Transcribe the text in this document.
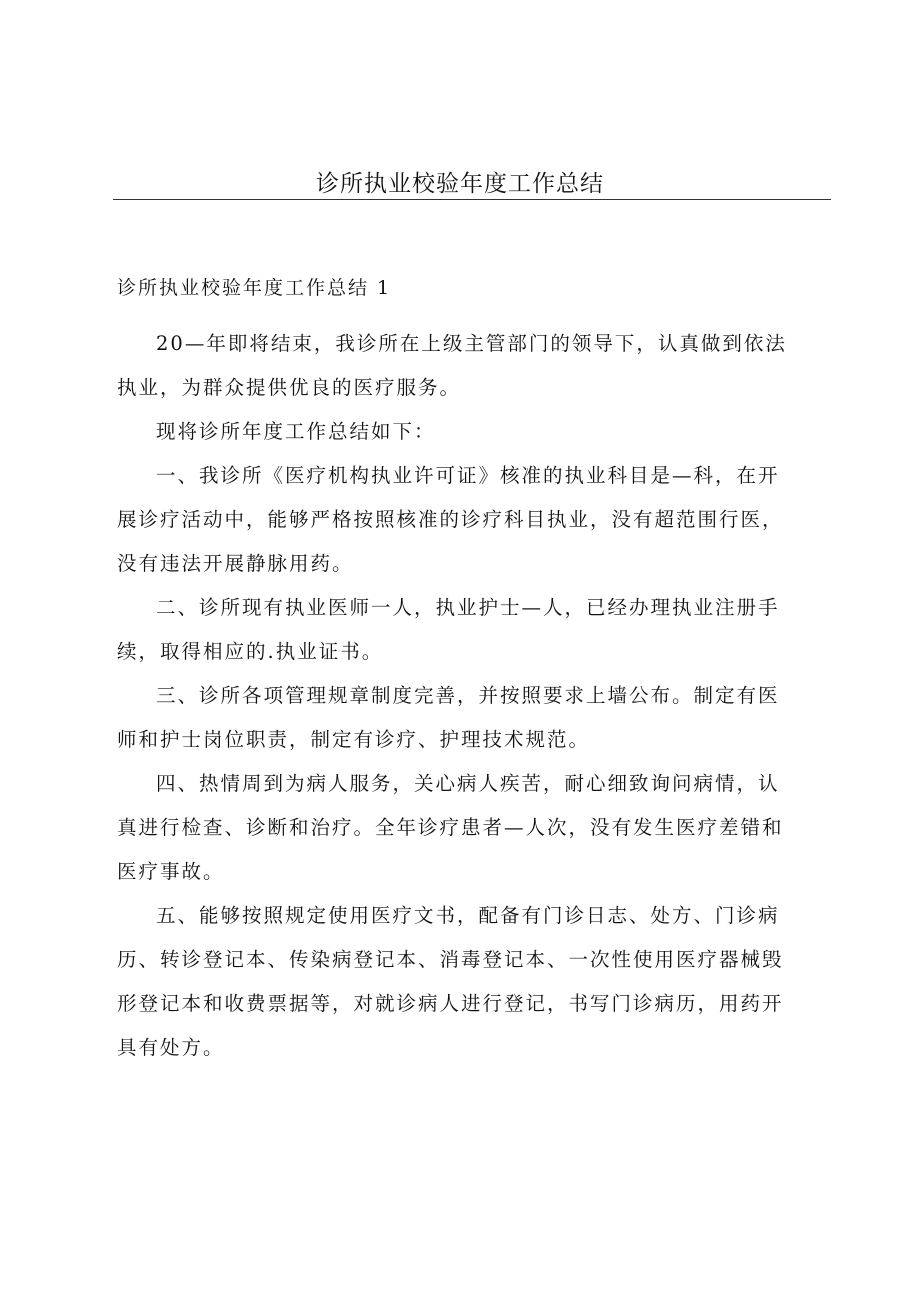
诊所执业校验年度工作总结
诊所执业校验年度工作总结 1

20—年即将结束，我诊所在上级主管部门的领导下，认真做到依法
执业，为群众提供优良的医疗服务。

现将诊所年度工作总结如下：

一、我诊所《医疗机构执业许可证》核准的执业科目是—科，在开
展诊疗活动中，能够严格按照核准的诊疗科目执业，没有超范围行医，
没有违法开展静脉用药。

二、诊所现有执业医师一人，执业护士—人，已经办理执业注册手
续，取得相应的.执业证书。

三、诊所各项管理规章制度完善，并按照要求上墙公布。制定有医
师和护士岗位职责，制定有诊疗、护理技术规范。

四、热情周到为病人服务，关心病人疾苦，耐心细致询问病情，认
真进行检查、诊断和治疗。全年诊疗患者—人次，没有发生医疗差错和
医疗事故。

五、能够按照规定使用医疗文书，配备有门诊日志、处方、门诊病
历、转诊登记本、传染病登记本、消毒登记本、一次性使用医疗器械毁
形登记本和收费票据等，对就诊病人进行登记，书写门诊病历，用药开
具有处方。
